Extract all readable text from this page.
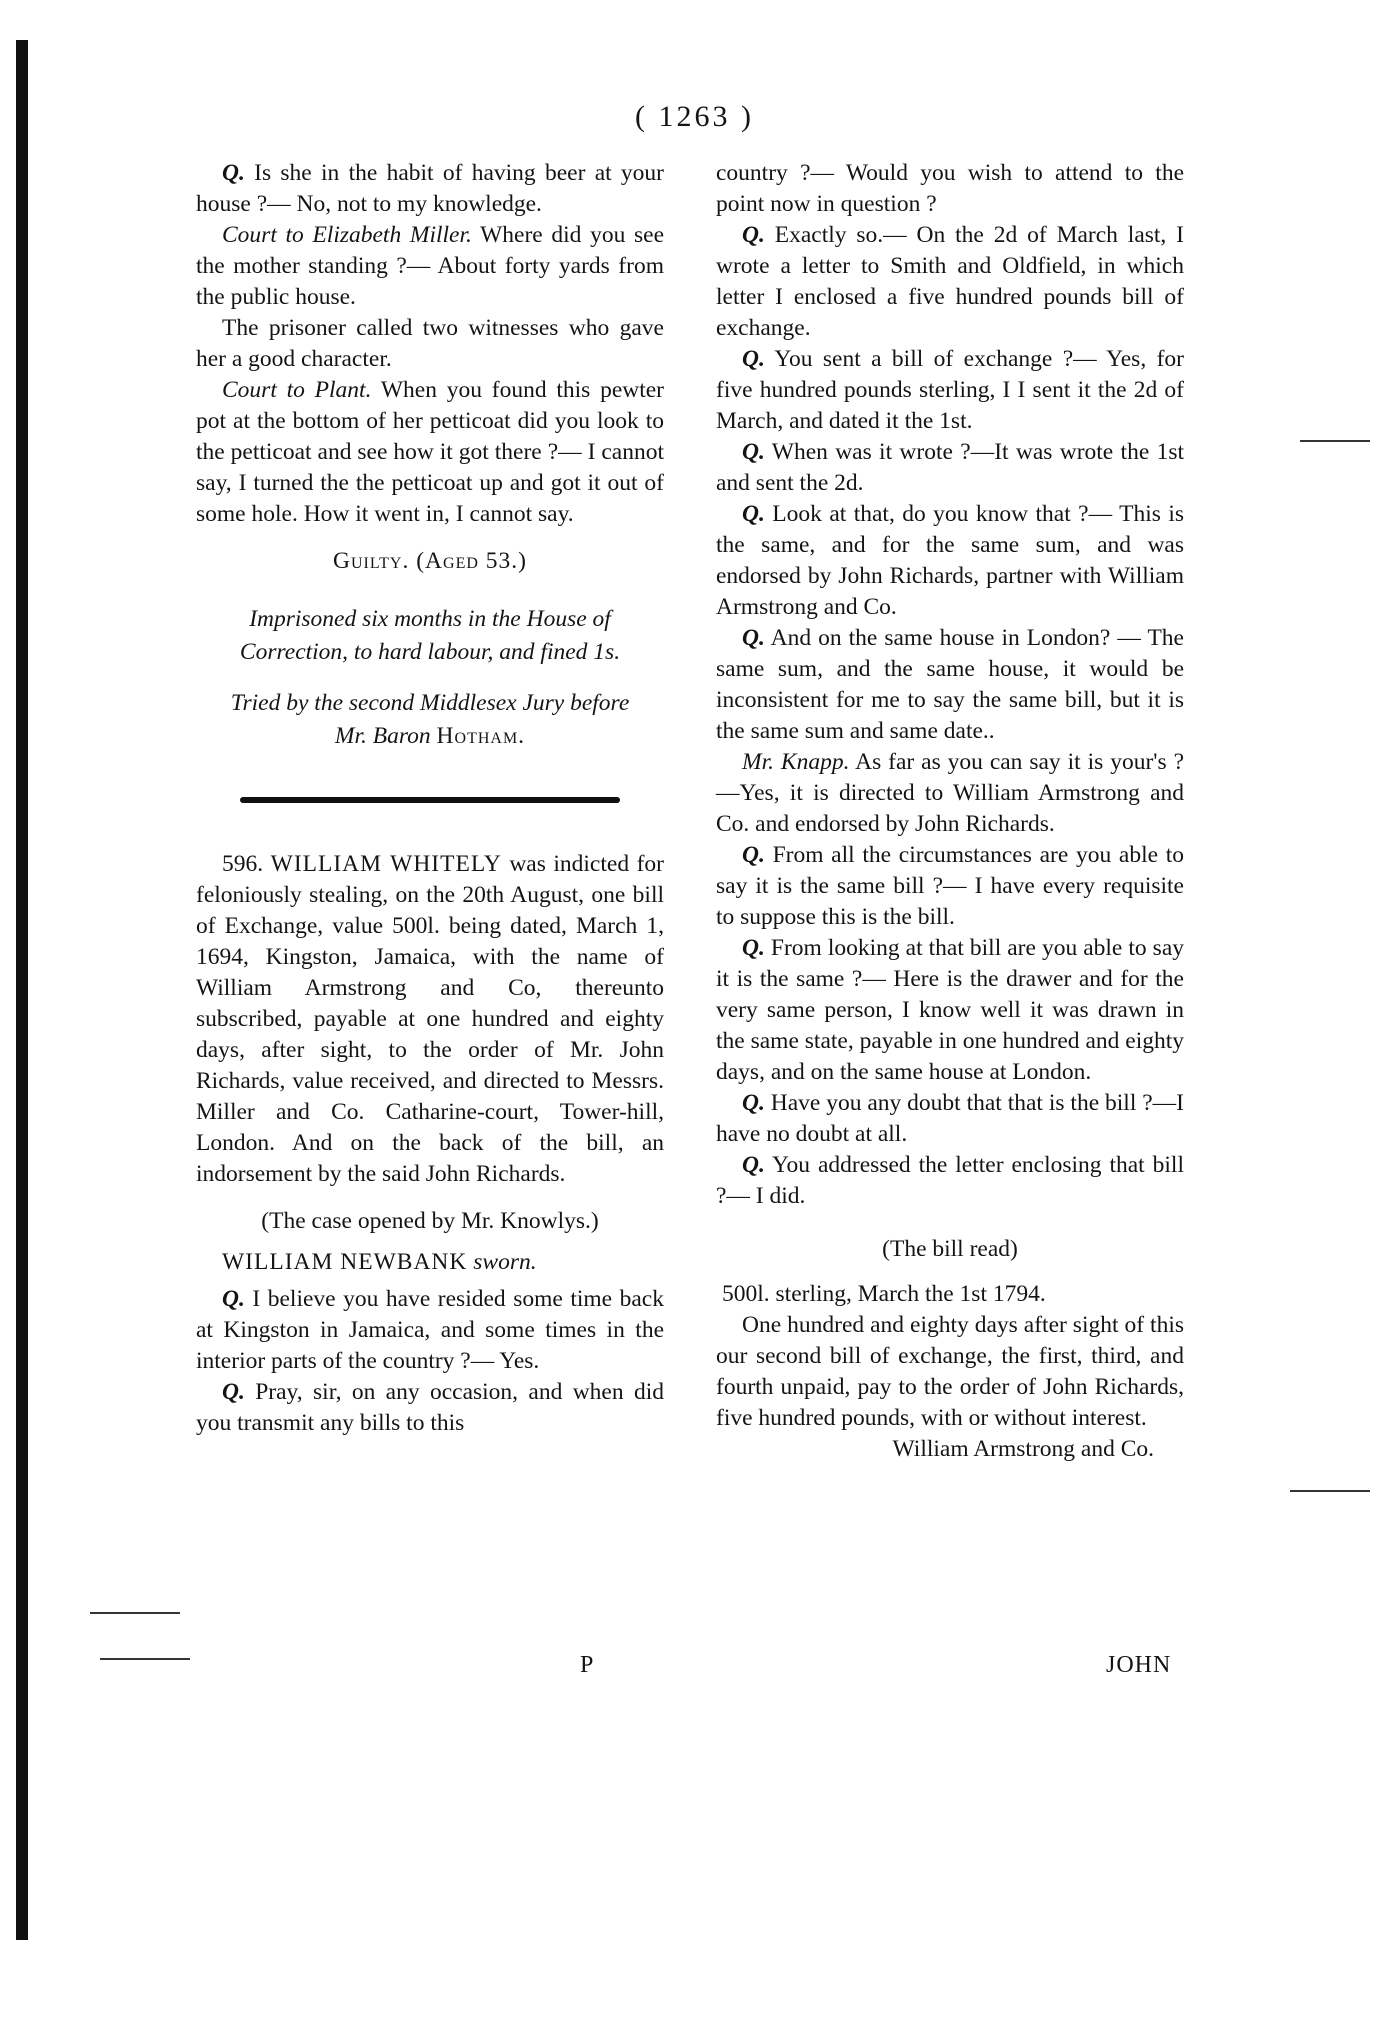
( 1263 )

Q. Is she in the habit of having beer at your house ?— No, not to my knowledge.

Court to Elizabeth Miller. Where did you see the mother standing ?— About forty yards from the public house.

The prisoner called two witnesses who gave her a good character.

Court to Plant. When you found this pewter pot at the bottom of her petticoat did you look to the petticoat and see how it got there ?— I cannot say, I turned the the petticoat up and got it out of some hole. How it went in, I cannot say.

Guilty. (Aged 53.)
Imprisoned six months in the House of Correction, to hard labour, and fined 1s.
Tried by the second Middlesex Jury before
Mr. Baron Hotham.

596. WILLIAM WHITELY was indicted for feloniously stealing, on the 20th August, one bill of Exchange, value 500l. being dated, March 1, 1694, Kingston, Jamaica, with the name of William Armstrong and Co, thereunto subscribed, payable at one hundred and eighty days, after sight, to the order of Mr. John Richards, value received, and directed to Messrs. Miller and Co. Catharine-court, Tower-hill, London. And on the back of the bill, an indorsement by the said John Richards.

(The case opened by Mr. Knowlys.)

WILLIAM NEWBANK sworn.

Q. I believe you have resided some time back at Kingston in Jamaica, and some times in the interior parts of the country ?— Yes.

Q. Pray, sir, on any occasion, and when did you transmit any bills to this

country ?— Would you wish to attend to the point now in question ?

Q. Exactly so.— On the 2d of March last, I wrote a letter to Smith and Oldfield, in which letter I enclosed a five hundred pounds bill of exchange.

Q. You sent a bill of exchange ?— Yes, for five hundred pounds sterling, I I sent it the 2d of March, and dated it the 1st.

Q. When was it wrote ?—It was wrote the 1st and sent the 2d.

Q. Look at that, do you know that ?— This is the same, and for the same sum, and was endorsed by John Richards, partner with William Armstrong and Co.

Q. And on the same house in London? — The same sum, and the same house, it would be inconsistent for me to say the same bill, but it is the same sum and same date..

Mr. Knapp. As far as you can say it is your's ?—Yes, it is directed to William Armstrong and Co. and endorsed by John Richards.

Q. From all the circumstances are you able to say it is the same bill ?— I have every requisite to suppose this is the bill.

Q. From looking at that bill are you able to say it is the same ?— Here is the drawer and for the very same person, I know well it was drawn in the same state, payable in one hundred and eighty days, and on the same house at London.

Q. Have you any doubt that that is the bill ?—I have no doubt at all.

Q. You addressed the letter enclosing that bill ?— I did.

(The bill read)

500l. sterling, March the 1st 1794.

One hundred and eighty days after sight of this our second bill of exchange, the first, third, and fourth unpaid, pay to the order of John Richards, five hundred pounds, with or without interest.

William Armstrong and Co.

P	JOHN
